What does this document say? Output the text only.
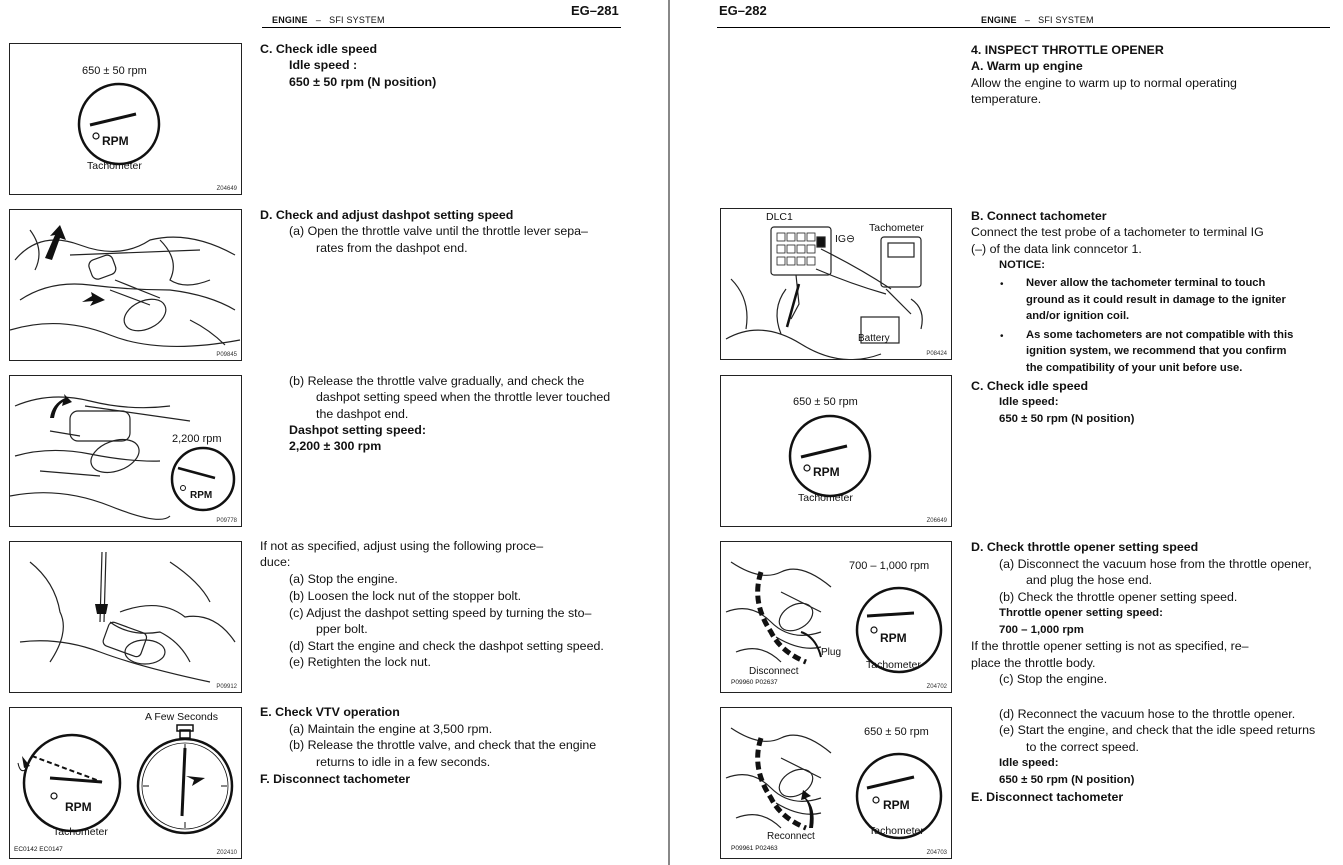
EG–281
ENGINE – SFI SYSTEM
650 ± 50 rpm
RPM
Tachometer
Z04649
P09845
2,200 rpm
RPM
P09778
P09912
A Few Seconds
RPM
Tachometer
EC0142 EC0147	Z02410
C. Check idle speed
Idle speed :
650 ± 50 rpm (N position)
D. Check and adjust dashpot setting speed
(a) Open the throttle valve until the throttle lever sepa–
rates from the dashpot end.
(b) Release the throttle valve gradually, and check the
dashpot setting speed when the throttle lever touched
the dashpot end.
Dashpot setting speed:
2,200 ± 300 rpm
If not as specified, adjust using the following proce–
duce:
(a) Stop the engine.
(b) Loosen the lock nut of the stopper bolt.
(c) Adjust the dashpot setting speed by turning the sto–
pper bolt.
(d) Start the engine and check the dashpot setting speed.
(e) Retighten the lock nut.
E. Check VTV operation
(a) Maintain the engine at 3,500 rpm.
(b) Release the throttle valve, and check that the engine
returns to idle in a few seconds.
F. Disconnect tachometer
EG–282
ENGINE – SFI SYSTEM
DLC1
IG⊖
Tachometer
Battery
P08424
650 ± 50 rpm
RPM
Tachometer
Z06649
700 – 1,000 rpm
RPM
Tachometer
Plug
Disconnect
P09960 P02637
Z04702
650 ± 50 rpm
RPM
Tachometer
Reconnect
P09961 P02463
Z04703
4. INSPECT THROTTLE OPENER
A. Warm up engine
Allow the engine to warm up to normal operating
temperature.
B. Connect tachometer
Connect the test probe of a tachometer to terminal IG
(–) of the data link conncetor 1.
NOTICE:
• Never allow the tachometer terminal to touch
ground as it could result in damage to the igniter
and/or ignition coil.
• As some tachometers are not compatible with this
ignition system, we recommend that you confirm
the compatibility of your unit before use.
C. Check idle speed
Idle speed:
650 ± 50 rpm (N position)
D. Check throttle opener setting speed
(a) Disconnect the vacuum hose from the throttle opener,
and plug the hose end.
(b) Check the throttle opener setting speed.
Throttle opener setting speed:
700 – 1,000 rpm
If the throttle opener setting is not as specified, re–
place the throttle body.
(c) Stop the engine.
(d) Reconnect the vacuum hose to the throttle opener.
(e) Start the engine, and check that the idle speed returns
to the correct speed.
Idle speed:
650 ± 50 rpm (N position)
E. Disconnect tachometer
